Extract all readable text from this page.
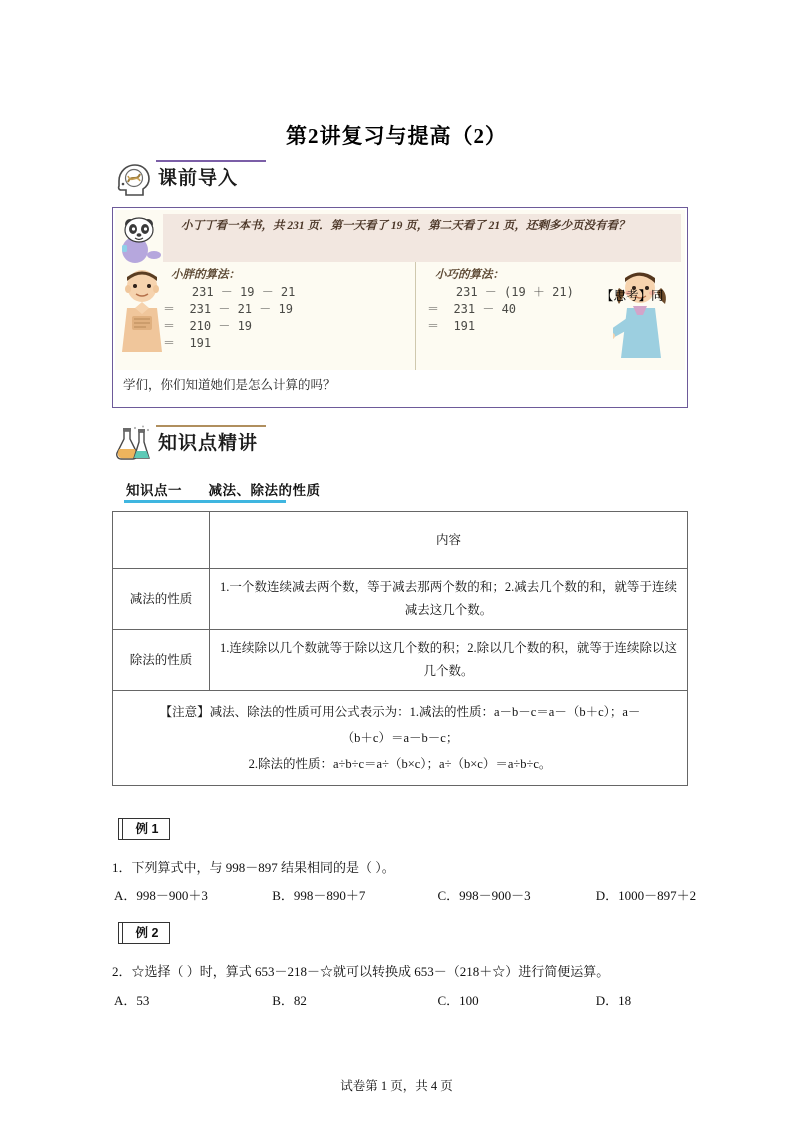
第2讲复习与提高（2）
课前导入
小丁丁看一本书，共 231 页．第一天看了 19 页，第二天看了 21 页，还剩多少页没有看？
小胖的算法：
231 － 19 － 21
＝  231 － 21 － 19
＝  210 － 19
＝  191
小巧的算法：
231 － (19 ＋ 21)
＝  231 － 40
＝  191
【思考】同
学们，你们知道她们是怎么计算的吗？
知识点精讲
知识点一 减法、除法的性质
	内容
减法的性质	1.一个数连续减去两个数，等于减去那两个数的和；2.减去几个数的和，就等于连续减去这几个数。
除法的性质	1.连续除以几个数就等于除以这几个数的积；2.除以几个数的积，就等于连续除以这几个数。

【注意】减法、除法的性质可用公式表示为：1.减法的性质：a－b－c＝a－（b＋c）；a－

（b＋c）＝a－b－c；

2.除法的性质：a÷b÷c＝a÷（b×c）；a÷（b×c）＝a÷b÷c。	

例 1
1．下列算式中，与 998－897 结果相同的是（ ）。
A．998－900＋3	B．998－890＋7	C．998－900－3	D．1000－897＋2
例 2
2．☆选择（ ）时，算式 653－218－☆就可以转换成 653－（218＋☆）进行简便运算。
A．53	B．82	C．100	D．18
试卷第 1 页，共 4 页
